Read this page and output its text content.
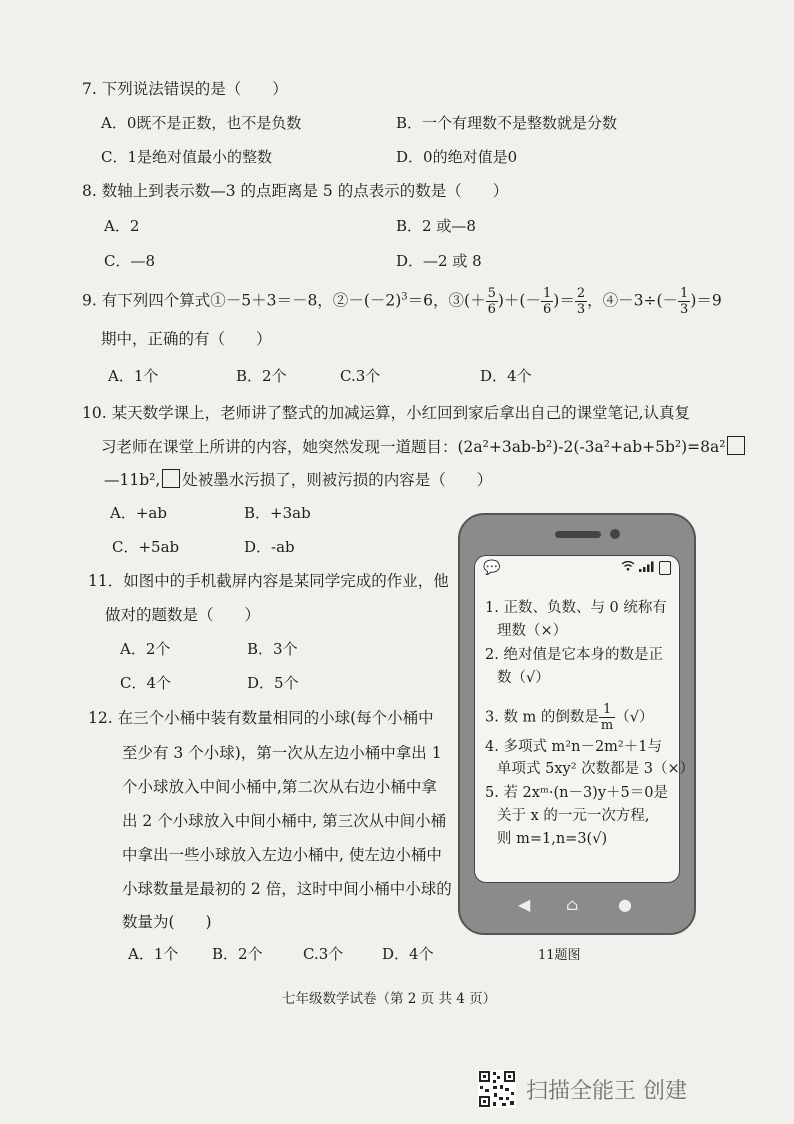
7. 下列说法错误的是（　　）
A．0既不是正数，也不是负数	B．一个有理数不是整数就是分数
C．1是绝对值最小的整数	D．0的绝对值是0
8. 数轴上到表示数—3 的点距离是 5 的点表示的数是（　　）
A．2	B．2 或—8
C．—8	D．—2 或 8
9. 有下列四个算式①－5＋3＝－8，$②-(-2)^3=6$，③(＋ $\frac{5}{6}$ )＋(－ $\frac{1}{6}$ )＝ $\frac{2}{3}$ ，④－3÷(－ $\frac{1}{3} )=9$
期中，正确的有（　　）
A．1个	B．2个	C.3个	D．4个
10. 某天数学课上，老师讲了整式的加减运算，小红回到家后拿出自己的课堂笔记,认真复
习老师在课堂上所讲的内容，她突然发现一道题目：(2a²+3ab-b²)-2(-3a²+ab+5b²)=8a²
—11b², 处被墨水污损了，则被污损的内容是（　　）
A．+ab	B．+3ab
C．+5ab	D．-ab
11．如图中的手机截屏内容是某同学完成的作业，他
做对的题数是（　　）
A．2个	B．3个
C．4个	D．5个
12. 在三个小桶中装有数量相同的小球(每个小桶中
至少有 3 个小球)，第一次从左边小桶中拿出 1
个小球放入中间小桶中,第二次从右边小桶中拿
出 2 个小球放入中间小桶中, 第三次从中间小桶
中拿出一些小球放入左边小桶中, 使左边小桶中
小球数量是最初的 2 倍，这时中间小桶中小球的
数量为(　　)
A．1个 B．2个	C.3个	D．4个
💬
1. 正数、负数、与 0 统称有
理数（×）
2. 绝对值是它本身的数是正
数（√）
3. 数 m 的倒数是 $\frac{1}{m}$ （√）
4. 多项式 m²n－2m²＋1与
单项式 5xy² 次数都是 3（×）
5. 若 2xᵐ·(n－3)y＋5＝0是
关于 x 的一元一次方程,
则 m=1,n=3(√)
◀ ⌂ ●
11题图
七年级数学试卷（第 2 页 共 4 页）
扫描全能王 创建
